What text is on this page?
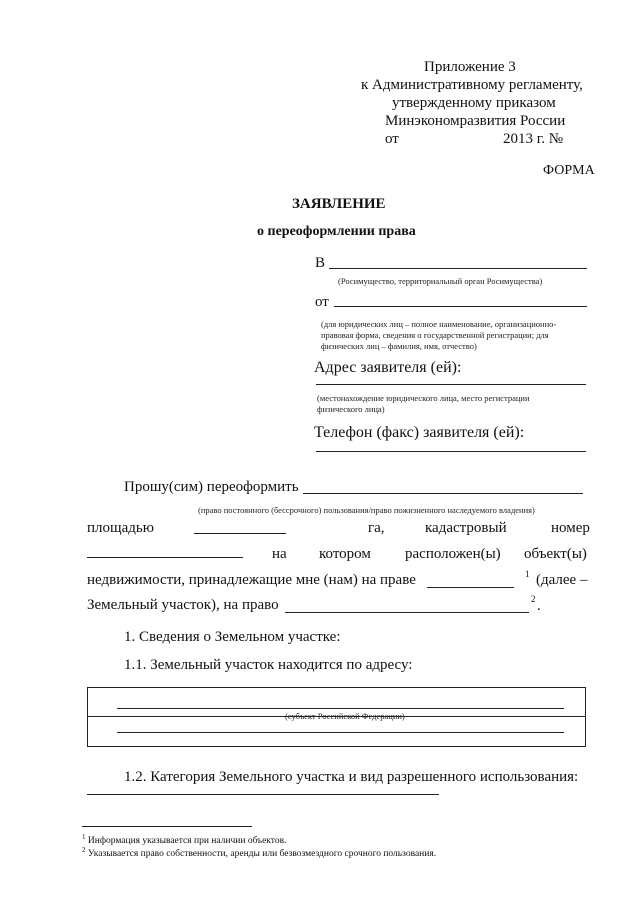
Приложение 3
к Административному регламенту,
утвержденному приказом
Минэкономразвития России
от	2013 г. №
ФОРМА
ЗАЯВЛЕНИЕ
о переоформлении права
В
(Росимущество, территориальный орган Росимущества)
от
(для юридических лиц – полное наименование, организационно-
правовая форма, сведения о государственной регистрации; для
физических лиц – фамилия, имя, отчество)
Адрес заявителя (ей):
(местонахождение юридического лица, место регистрации
физического лица)
Телефон (факс) заявителя (ей):
Прошу(сим) переоформить
(право постоянного (бессрочного) пользования/право пожизненного наследуемого владения)
площадью	га,	кадастровый	номер
на котором расположен(ы) объект(ы)
недвижимости, принадлежащие мне (нам) на праве	1 (далее –
Земельный участок), на право	2 .
1. Сведения о Земельном участке:
1.1. Земельный участок находится по адресу:
(субъект Российской Федерации)
1.2. Категория Земельного участка и вид разрешенного использования:
$^1$ Информация указывается при наличии объектов.
$^2$ Указывается право собственности, аренды или безвозмездного срочного пользования.
